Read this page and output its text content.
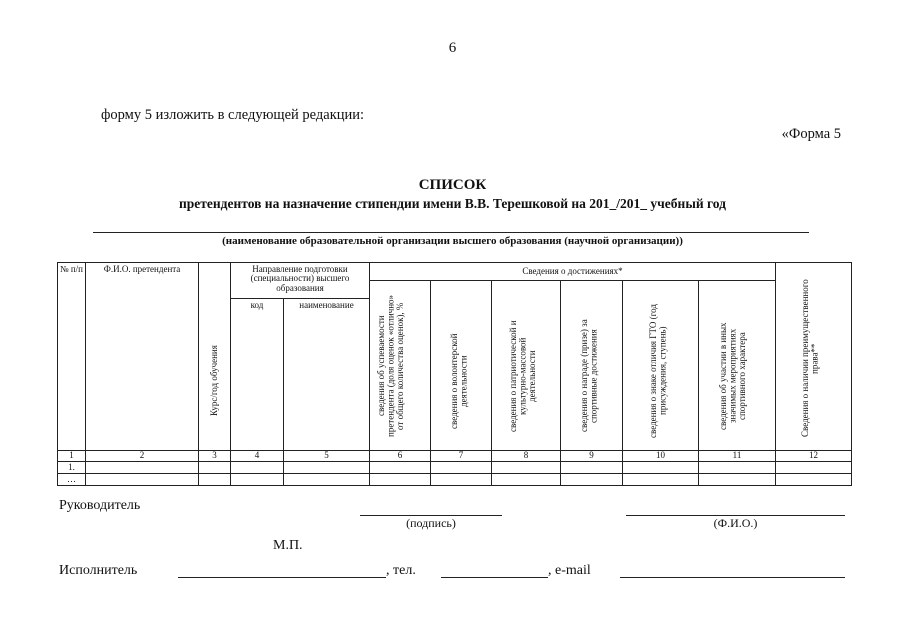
6
форму 5 изложить в следующей редакции:
«Форма 5
СПИСОК
претендентов на назначение стипендии имени В.В. Терешковой на 201_/201_ учебный год
(наименование образовательной организации высшего образования (научной организации))
№ п/п	Ф.И.О. претендента	Курс/год обучения	Направление подготовки (специальности) высшего образования		Сведения о достижениях*						Сведения о наличии преимущественного права**
					сведения об успеваемости претендента (доля оценок «отлично» от общего количества оценок), %	сведения о волонтерской деятельности	сведения о патриотической и культурно-массовой деятельности	сведения о награде (призе) за спортивные достижения	сведения о знаке отличия ГТО (год присуждения, ступень)	сведения об участии в иных значимых мероприятиях спортивного характера	
			код	наименование							
1	2	3	4	5	6	7	8	9	10	11	12
1.											
…											
Руководитель
(подпись)	(Ф.И.О.)
М.П.
Исполнитель	, тел.	, e-mail
